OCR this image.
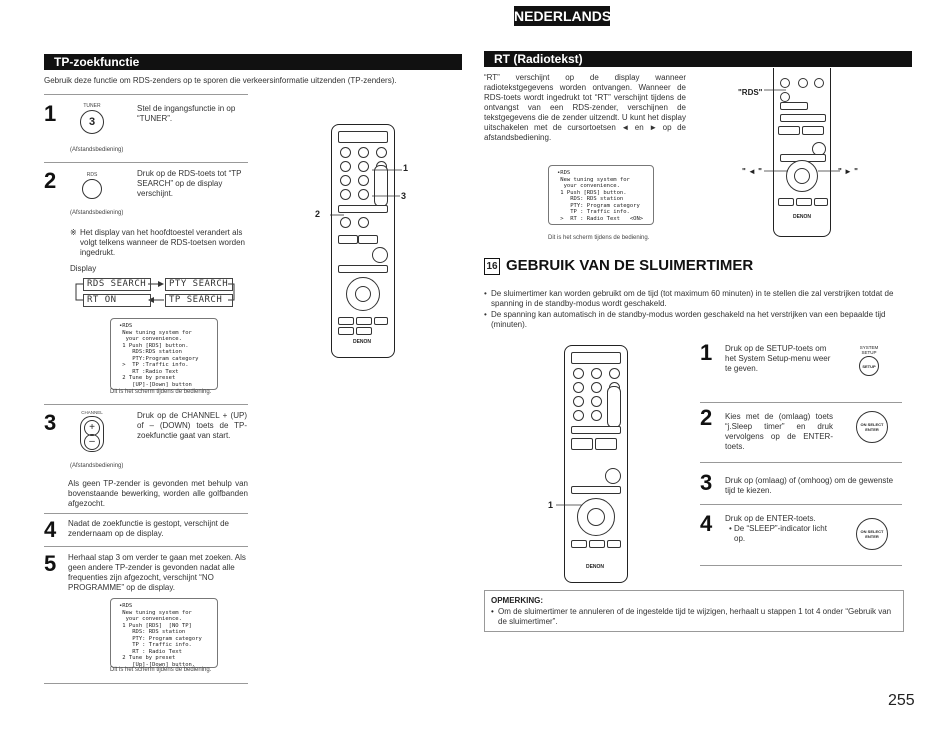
NEDERLANDS
TP-zoekfunctie
Gebruik deze functie om RDS-zenders op te sporen die verkeersinformatie uitzenden (TP-zenders).
1	TUNER
3
Stel de ingangsfunctie in op “TUNER”.
(Afstandsbediening)
2	RDS	Druk op de RDS-toets tot “TP SEARCH” op de display verschijnt.
(Afstandsbediening)
※ Het display van het hoofdtoestel verandert als volgt telkens wanneer de RDS-toetsen worden ingedrukt.
Display
RDS SEARCH	PTY SEARCH
RT ON	TP SEARCH
•RDS
New tuning system for
your convenience.
1 Push [RDS] button.
RDS:RDS station
PTY:Program category
>  TP :Traffic info.
RT :Radio Text
2 Tune by preset
[UP]-[Down] button
Dit is het scherm tijdens de bediening.
3	CHANNEL
+
–
Druk op de CHANNEL + (UP) of – (DOWN) toets de TP-zoekfunctie gaat van start.
(Afstandsbediening)
Als geen TP-zender is gevonden met behulp van bovenstaande bewerking, worden alle golfbanden afgezocht.
4 Nadat de zoekfunctie is gestopt, verschijnt de zendernaam op de display.
5 Herhaal stap 3 om verder te gaan met zoeken. Als geen andere TP-zender is gevonden nadat alle frequenties zijn afgezocht, verschijnt “NO PROGRAMME” op de display.
•RDS
New tuning system for
your convenience.
1 Push [RDS]  [NO TP]
RDS: RDS station
PTY: Program category
TP : Traffic info.
RT : Radio Text
2 Tune by preset
[Up]-[Down] button.
Dit is het scherm tijdens de bediening.
DENON
1
3
2
RT (Radiotekst)
“RT” verschijnt op de display wanneer radiotekstgegevens worden ontvangen. Wanneer de RDS-toets wordt ingedrukt tot “RT” verschijnt tijdens de ontvangst van een RDS-zender, verschijnen de tekstgegevens die de zender uitzendt. U kunt het display uitschakelen met de cursortoetsen ◄ en ► op de afstandsbediening.
•RDS
New tuning system for
your convenience.
1 Push [RDS] button.
RDS: RDS station
PTY: Program category
TP : Traffic info.
>  RT : Radio Text   <ON>
Dit is het scherm tijdens de bediening.
DENON
"RDS"
" ◄ "	" ► "
16 GEBRUIK VAN DE SLUIMERTIMER
• De sluimertimer kan worden gebruikt om de tijd (tot maximum 60 minuten) in te stellen die zal verstrijken totdat de spanning in de standby-modus wordt geschakeld.
• De spanning kan automatisch in de standby-modus worden geschakeld na het verstrijken van een bepaalde tijd (minuten).
DENON
1
1 Druk op de SETUP-toets om het System Setup-menu weer te geven.
SYSTEM SETUP
SETUP
2 Kies met de (omlaag) toets “j.Sleep timer” en druk vervolgens op de ENTER-toets.
ON SELECT ENTER
3 Druk op (omlaag) of (omhoog) om de gewenste tijd te kiezen.
4 Druk op de ENTER-toets.
• De “SLEEP”-indicator licht op.
ON SELECT ENTER
OPMERKING:
• Om de sluimertimer te annuleren of de ingestelde tijd te wijzigen, herhaalt u stappen 1 tot 4 onder “Gebruik van de sluimertimer”.
255
